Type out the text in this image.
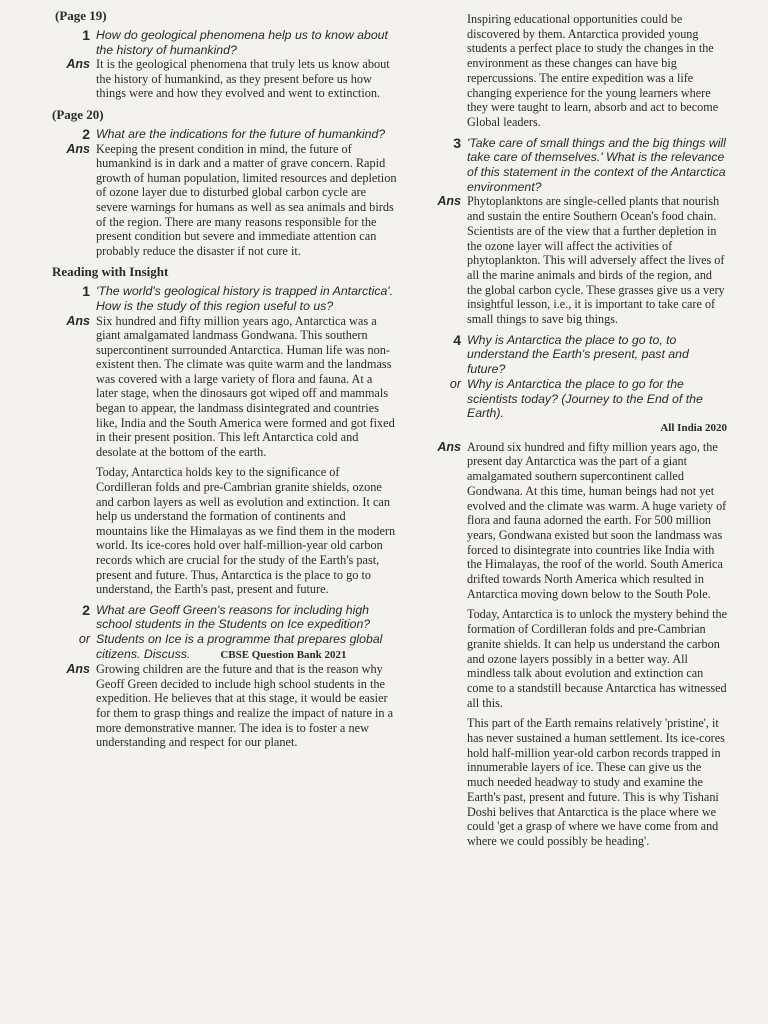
(Page 19)
1 How do geological phenomena help us to know about the history of humankind?
Ans It is the geological phenomena that truly lets us know about the history of humankind, as they present before us how things were and how they evolved and went to extinction.

(Page 20)
2 What are the indications for the future of humankind?
Ans Keeping the present condition in mind, the future of humankind is in dark and a matter of grave concern. Rapid growth of human population, limited resources and depletion of ozone layer due to disturbed global carbon cycle are severe warnings for humans as well as sea animals and birds of the region. There are many reasons responsible for the present condition but severe and immediate attention can probably reduce the disaster if not cure it.

Reading with Insight
1 'The world's geological history is trapped in Antarctica'. How is the study of this region useful to us?
Ans Six hundred and fifty million years ago, Antarctica was a giant amalgamated landmass Gondwana. This southern supercontinent surrounded Antarctica. Human life was non-existent then. The climate was quite warm and the landmass was covered with a large variety of flora and fauna. At a later stage, when the dinosaurs got wiped off and mammals began to appear, the landmass disintegrated and countries like, India and the South America were formed and got fixed in their present position. This left Antarctica cold and desolate at the bottom of the earth.

Today, Antarctica holds key to the significance of Cordilleran folds and pre-Cambrian granite shields, ozone and carbon layers as well as evolution and extinction. It can help us understand the formation of continents and mountains like the Himalayas as we find them in the modern world. Its ice-cores hold over half-million-year old carbon records which are crucial for the study of the Earth's past, present and future. Thus, Antarctica is the place to go to understand, the Earth's past, present and future.

2 What are Geoff Green's reasons for including high school students in the Students on Ice expedition?
or Students on Ice is a programme that prepares global citizens. Discuss.	CBSE Question Bank 2021
Ans Growing children are the future and that is the reason why Geoff Green decided to include high school students in the expedition. He believes that at this stage, it would be easier for them to grasp things and realize the impact of nature in a more demonstrative manner. The idea is to foster a new understanding and respect for our planet.

Inspiring educational opportunities could be discovered by them. Antarctica provided young students a perfect place to study the changes in the environment as these changes can have big repercussions. The entire expedition was a life changing experience for the young learners where they were taught to learn, absorb and act to become Global leaders.

3 'Take care of small things and the big things will take care of themselves.' What is the relevance of this statement in the context of the Antarctica environment?
Ans Phytoplanktons are single-celled plants that nourish and sustain the entire Southern Ocean's food chain. Scientists are of the view that a further depletion in the ozone layer will affect the activities of phytoplankton. This will adversely affect the lives of all the marine animals and birds of the region, and the global carbon cycle. These grasses give us a very insightful lesson, i.e., it is important to take care of small things to save big things.

4 Why is Antarctica the place to go to, to understand the Earth's present, past and future?
or Why is Antarctica the place to go for the scientists today? (Journey to the End of the Earth).

All India 2020
Ans Around six hundred and fifty million years ago, the present day Antarctica was the part of a giant amalgamated southern supercontinent called Gondwana. At this time, human beings had not yet evolved and the climate was warm. A huge variety of flora and fauna adorned the earth. For 500 million years, Gondwana existed but soon the landmass was forced to disintegrate into countries like India with the Himalayas, the roof of the world. South America drifted towards North America which resulted in Antarctica moving down below to the South Pole.

Today, Antarctica is to unlock the mystery behind the formation of Cordilleran folds and pre-Cambrian granite shields. It can help us understand the carbon and ozone layers possibly in a better way. All mindless talk about evolution and extinction can come to a standstill because Antarctica has witnessed all this.

This part of the Earth remains relatively 'pristine', it has never sustained a human settlement. Its ice-cores hold half-million year-old carbon records trapped in innumerable layers of ice. These can give us the much needed headway to study and examine the Earth's past, present and future. This is why Tishani Doshi belives that Antarctica is the place where we could 'get a grasp of where we have come from and where we could possibly be heading'.
